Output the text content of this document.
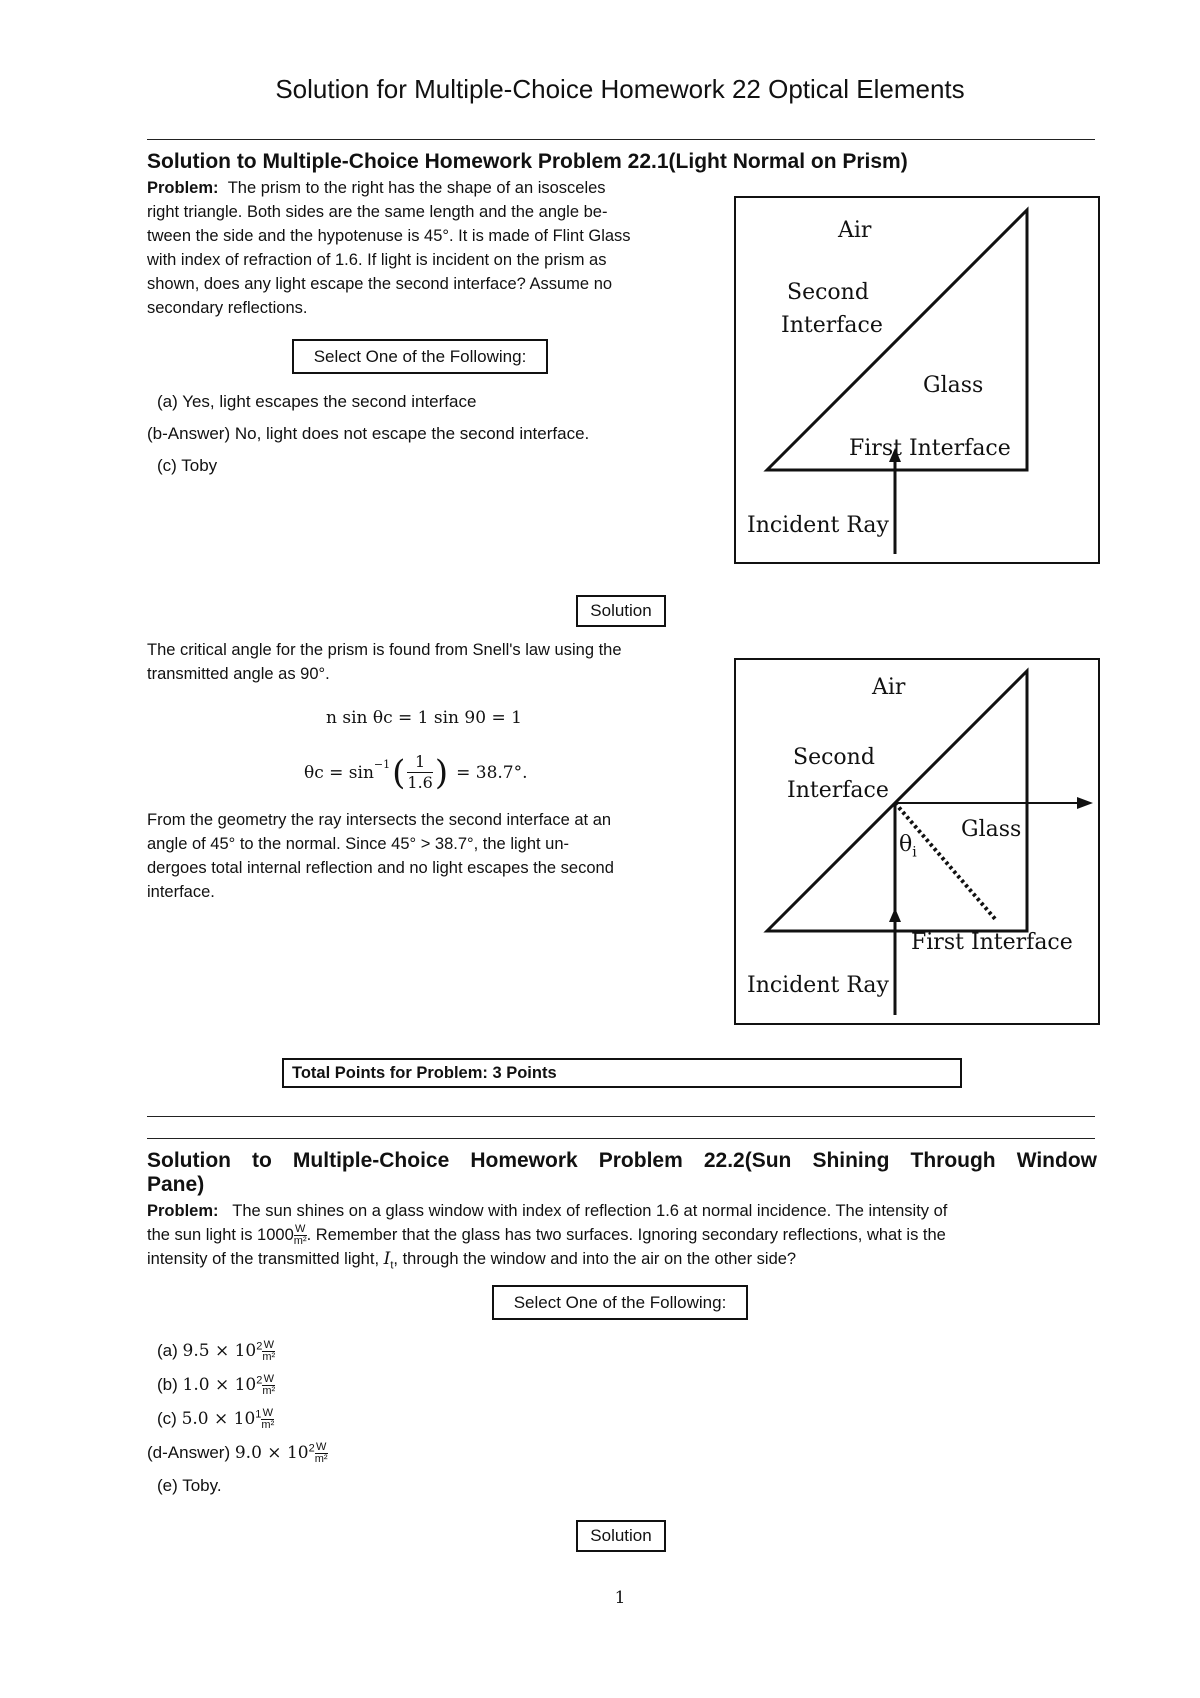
Solution for Multiple-Choice Homework 22 Optical Elements
Solution to Multiple-Choice Homework Problem 22.1(Light Normal on Prism)
Problem: The prism to the right has the shape of an isosceles
right triangle. Both sides are the same length and the angle be-
tween the side and the hypotenuse is 45°. It is made of Flint Glass
with index of refraction of 1.6. If light is incident on the prism as
shown, does any light escape the second interface? Assume no
secondary reflections.
Select One of the Following:
(a) Yes, light escapes the second interface
(b-Answer) No, light does not escape the second interface.
(c) Toby
Air
Second
Interface
Glass
First Interface
Incident Ray
Solution
The critical angle for the prism is found from Snell's law using the
transmitted angle as 90°.
n sin θc = 1 sin 90 = 1
$\theta c = \sin^{-1}$ ( $\frac{1}{1.6}$ ) = 38.7°.
From the geometry the ray intersects the second interface at an
angle of 45° to the normal. Since 45° > 38.7°, the light un-
dergoes total internal reflection and no light escapes the second
interface.
Air
Second
Interface
Glass
$\theta_i$
First Interface
Incident Ray
Total Points for Problem: 3 Points
Solution to Multiple-Choice Homework Problem 22.2(Sun Shining Through Window
Pane)
Problem: The sun shines on a glass window with index of reflection 1.6 at normal incidence. The intensity of
the sun light is $1000 \frac{W}{\text{m²}}$ . Remember that the glass has two surfaces. Ignoring secondary reflections, what is the
intensity of the transmitted light, $I_t$, through the window and into the air on the other side?
Select One of the Following:
(a) $9.5 \times 10^2 \frac{W}{\text{m²}}$
(b) $1.0 \times 10^2 \frac{W}{\text{m²}}$
(c) $5.0 \times 10^1 \frac{W}{\text{m²}}$
(d-Answer) $9.0 \times 10^2 \frac{W}{\text{m²}}$
(e) Toby.
Solution
1
